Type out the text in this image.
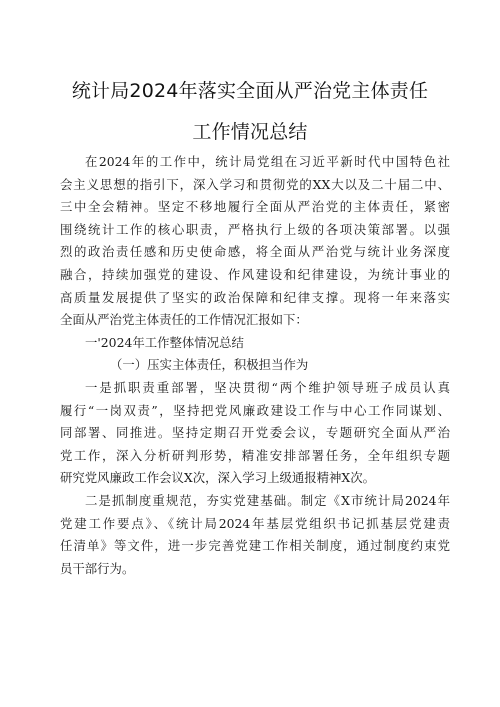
统计局2024年落实全面从严治党主体责任
工作情况总结
在2024年的工作中，统计局党组在习近平新时代中国特色社
会主义思想的指引下，深入学习和贯彻党的XX大以及二十届二中、
三中全会精神。坚定不移地履行全面从严治党的主体责任，紧密
围绕统计工作的核心职责，严格执行上级的各项决策部署。以强
烈的政治责任感和历史使命感，将全面从严治党与统计业务深度
融合，持续加强党的建设、作风建设和纪律建设，为统计事业的
高质量发展提供了坚实的政治保障和纪律支撑。现将一年来落实
全面从严治党主体责任的工作情况汇报如下：
一'2024年工作整体情况总结
（一）压实主体责任，积极担当作为
一是抓职责重部署，坚决贯彻“两个维护领导班子成员认真
履行“一岗双责”，坚持把党风廉政建设工作与中心工作同谋划、
同部署、同推进。坚持定期召开党委会议，专题研究全面从严治
党工作，深入分析研判形势，精准安排部署任务，全年组织专题
研究党风廉政工作会议X次，深入学习上级通报精神X次。
二是抓制度重规范，夯实党建基础。制定《X市统计局2024年
党建工作要点》、《统计局2024年基层党组织书记抓基层党建责
任清单》等文件，进一步完善党建工作相关制度，通过制度约束党
员干部行为。
